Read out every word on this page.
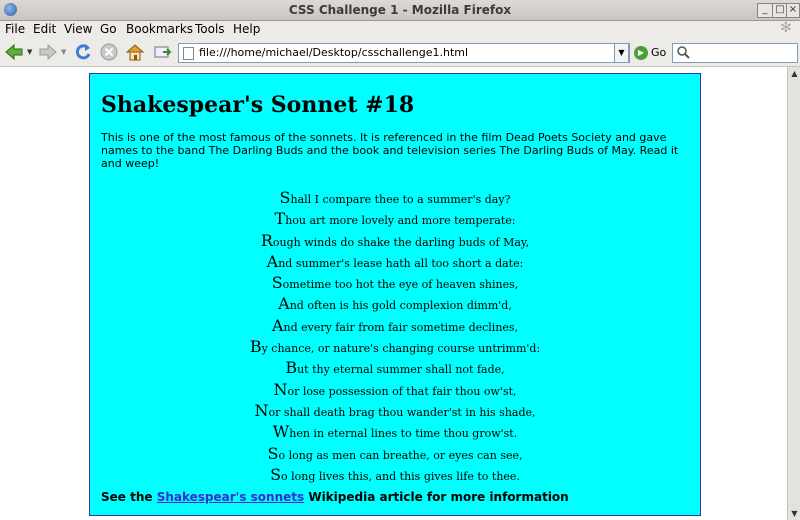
CSS Challenge 1 - Mozilla Firefox	_ □ ×
File Edit View Go Bookmarks Tools Help	✻
▼	▼	file:///home/michael/Desktop/csschallenge1.html	▼	▶ Go
Shakespear's Sonnet #18

This is one of the most famous of the sonnets. It is referenced in the film Dead Poets Society and gave names to the band The Darling Buds and the book and television series The Darling Buds of May. Read it and weep!

Shall I compare thee to a summer's day?
Thou art more lovely and more temperate:
Rough winds do shake the darling buds of May,
And summer's lease hath all too short a date:
Sometime too hot the eye of heaven shines,
And often is his gold complexion dimm'd,
And every fair from fair sometime declines,
By chance, or nature's changing course untrimm'd:
But thy eternal summer shall not fade,
Nor lose possession of that fair thou ow'st,
Nor shall death brag thou wander'st in his shade,
When in eternal lines to time thou grow'st.
So long as men can breathe, or eyes can see,
So long lives this, and this gives life to thee.
See the Shakespear's sonnets Wikipedia article for more information
▲
▼
